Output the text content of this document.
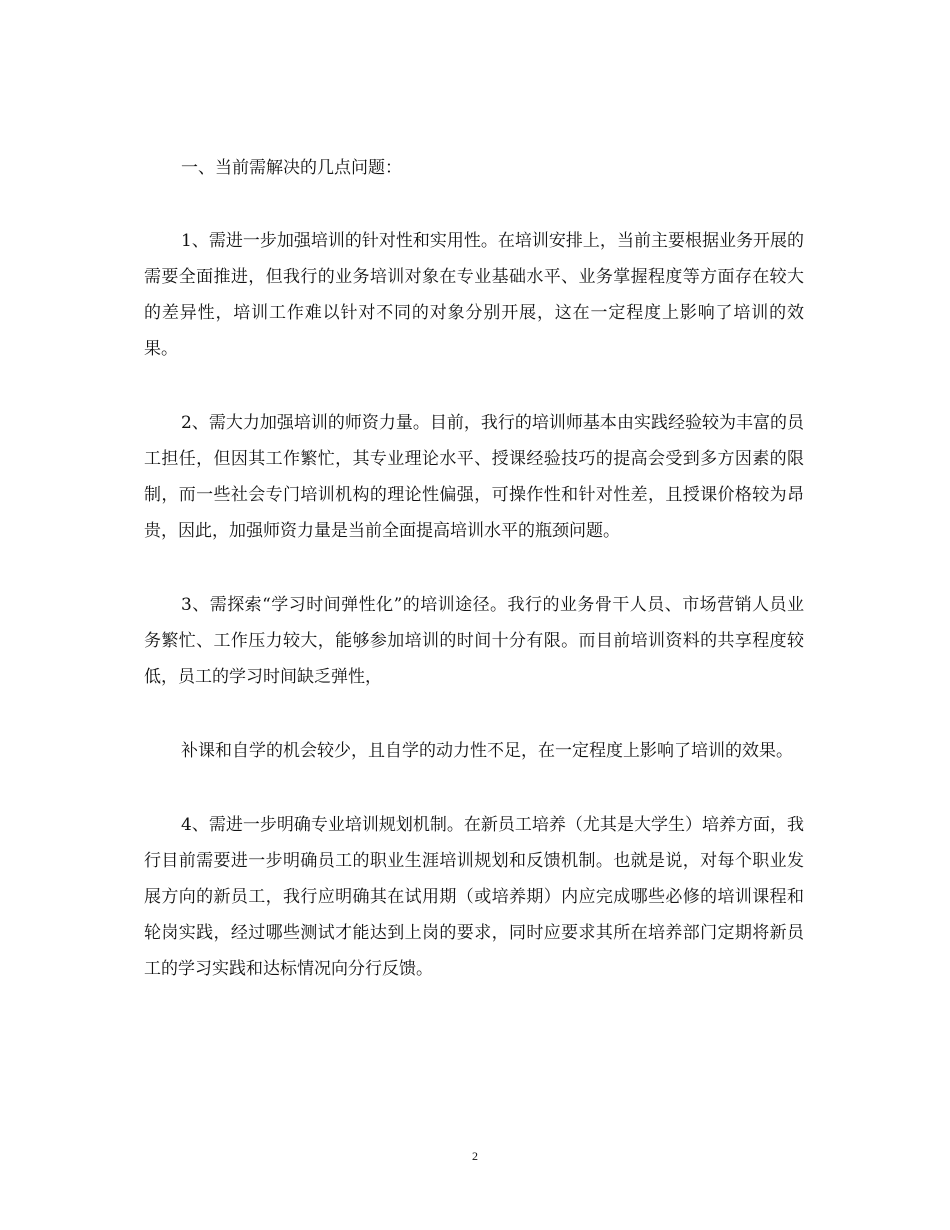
一、当前需解决的几点问题：

1、需进一步加强培训的针对性和实用性。在培训安排上，当前主要根据业务开展的需要全面推进，但我行的业务培训对象在专业基础水平、业务掌握程度等方面存在较大的差异性，培训工作难以针对不同的对象分别开展，这在一定程度上影响了培训的效果。

2、需大力加强培训的师资力量。目前，我行的培训师基本由实践经验较为丰富的员工担任，但因其工作繁忙，其专业理论水平、授课经验技巧的提高会受到多方因素的限制，而一些社会专门培训机构的理论性偏强，可操作性和针对性差，且授课价格较为昂贵，因此，加强师资力量是当前全面提高培训水平的瓶颈问题。

3、需探索“学习时间弹性化”的培训途径。我行的业务骨干人员、市场营销人员业务繁忙、工作压力较大，能够参加培训的时间十分有限。而目前培训资料的共享程度较低，员工的学习时间缺乏弹性，

补课和自学的机会较少，且自学的动力性不足，在一定程度上影响了培训的效果。

4、需进一步明确专业培训规划机制。在新员工培养（尤其是大学生）培养方面，我行目前需要进一步明确员工的职业生涯培训规划和反馈机制。也就是说，对每个职业发展方向的新员工，我行应明确其在试用期（或培养期）内应完成哪些必修的培训课程和轮岗实践，经过哪些测试才能达到上岗的要求，同时应要求其所在培养部门定期将新员工的学习实践和达标情况向分行反馈。

2
